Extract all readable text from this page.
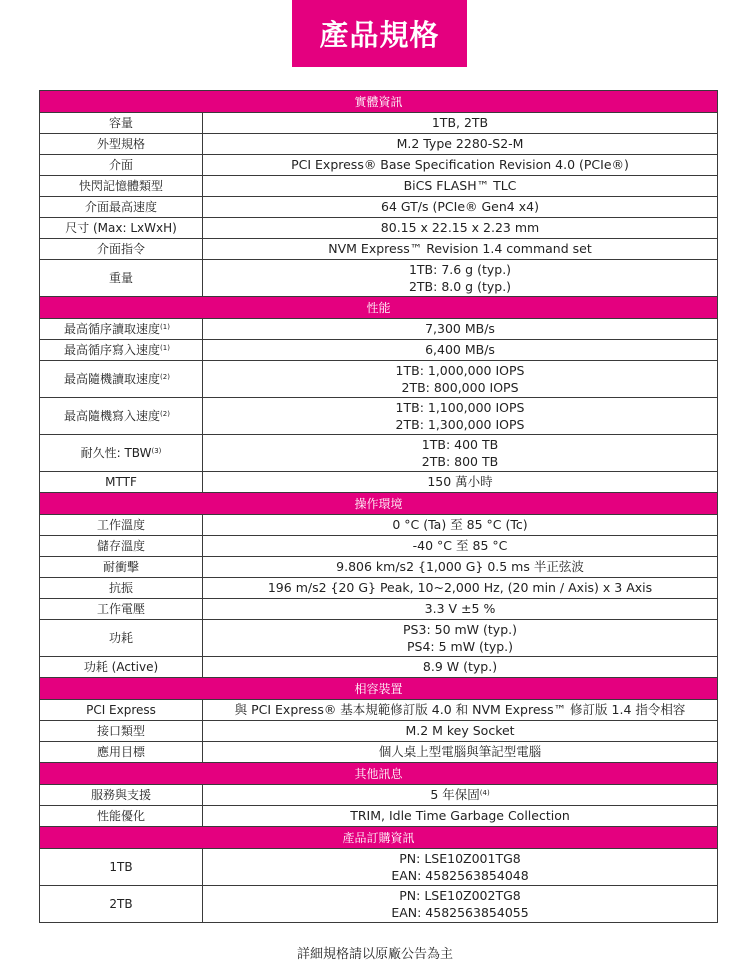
產品規格
實體資訊	
容量	1TB, 2TB
外型規格	M.2 Type 2280-S2-M
介面	PCI Express® Base Specification Revision 4.0 (PCIe®)
快閃記憶體類型	BiCS FLASH™ TLC
介面最高速度	64 GT/s (PCIe® Gen4 x4)
尺寸 (Max: LxWxH)	80.15 x 22.15 x 2.23 mm
介面指令	NVM Express™ Revision 1.4 command set
重量	1TB: 7.6 g (typ.)
2TB: 8.0 g (typ.)

性能	
最高循序讀取速度$^{(1)}$	7,300 MB/s
最高循序寫入速度$^{(1)}$	6,400 MB/s
最高隨機讀取速度$^{(2)}$	1TB: 1,000,000 IOPS
2TB: 800,000 IOPS

最高隨機寫入速度$^{(2)}$	1TB: 1,100,000 IOPS
2TB: 1,300,000 IOPS

耐久性: TBW$^{(3)}$	1TB: 400 TB
2TB: 800 TB

MTTF	150 萬小時
操作環境	
工作溫度	0 °C (Ta) 至 85 °C (Tc)
儲存溫度	-40 °C 至 85 °C
耐衝擊	9.806 km/s2 {1,000 G} 0.5 ms 半正弦波
抗振	196 m/s2 {20 G} Peak, 10~2,000 Hz, (20 min / Axis) x 3 Axis
工作電壓	3.3 V ±5 %
功耗	PS3: 50 mW (typ.)
PS4: 5 mW (typ.)

功耗 (Active)	8.9 W (typ.)
相容裝置	
PCI Express	與 PCI Express® 基本規範修訂版 4.0 和 NVM Express™ 修訂版 1.4 指令相容
接口類型	M.2 M key Socket
應用目標	個人桌上型電腦與筆記型電腦
其他訊息	
服務與支援	5 年保固$^{(4)}$
性能優化	TRIM, Idle Time Garbage Collection
產品訂購資訊	
1TB	PN: LSE10Z001TG8
EAN: 4582563854048

2TB	PN: LSE10Z002TG8
EAN: 4582563854055
詳細規格請以原廠公告為主
